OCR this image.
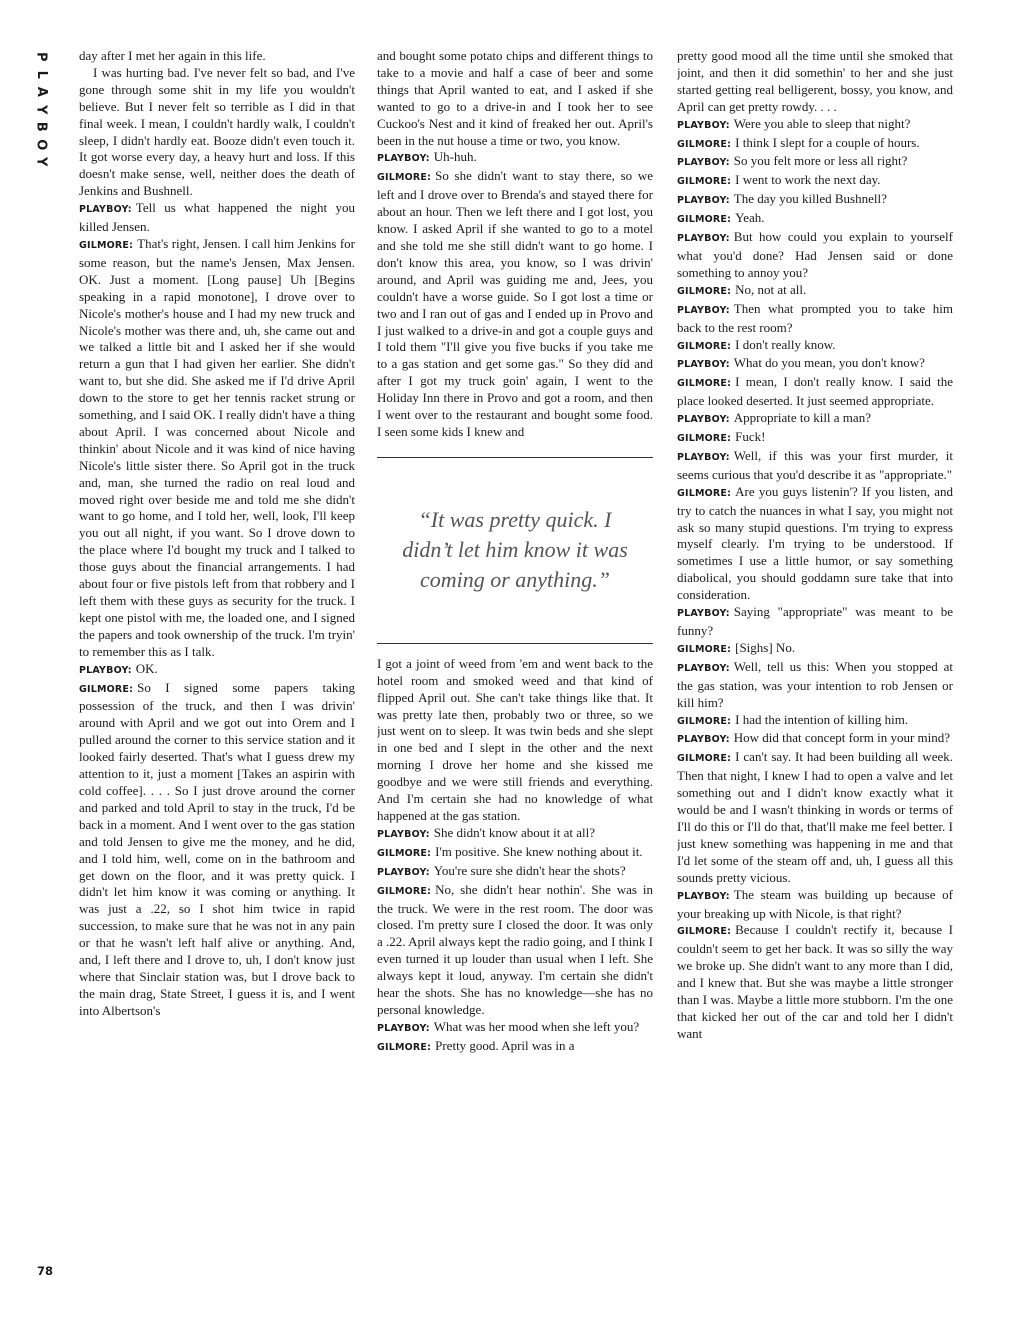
P
L
A
Y
B
O
Y
78

day after I met her again in this life.

I was hurting bad. I've never felt so bad, and I've gone through some shit in my life you wouldn't believe. But I never felt so terrible as I did in that final week. I mean, I couldn't hardly walk, I couldn't sleep, I didn't hardly eat. Booze didn't even touch it. It got worse every day, a heavy hurt and loss. If this doesn't make sense, well, neither does the death of Jenkins and Bushnell.

PLAYBOY: Tell us what happened the night you killed Jensen.

GILMORE: That's right, Jensen. I call him Jenkins for some reason, but the name's Jensen, Max Jensen. OK. Just a moment. [Long pause] Uh [Begins speaking in a rapid monotone], I drove over to Nicole's mother's house and I had my new truck and Nicole's mother was there and, uh, she came out and we talked a little bit and I asked her if she would return a gun that I had given her earlier. She didn't want to, but she did. She asked me if I'd drive April down to the store to get her tennis racket strung or something, and I said OK. I really didn't have a thing about April. I was concerned about Nicole and thinkin' about Nicole and it was kind of nice having Nicole's little sister there. So April got in the truck and, man, she turned the radio on real loud and moved right over beside me and told me she didn't want to go home, and I told her, well, look, I'll keep you out all night, if you want. So I drove down to the place where I'd bought my truck and I talked to those guys about the financial arrangements. I had about four or five pistols left from that robbery and I left them with these guys as security for the truck. I kept one pistol with me, the loaded one, and I signed the papers and took ownership of the truck. I'm tryin' to remember this as I talk.

PLAYBOY: OK.

GILMORE: So I signed some papers taking possession of the truck, and then I was drivin' around with April and we got out into Orem and I pulled around the corner to this service station and it looked fairly deserted. That's what I guess drew my attention to it, just a moment [Takes an aspirin with cold coffee]. . . . So I just drove around the corner and parked and told April to stay in the truck, I'd be back in a moment. And I went over to the gas station and told Jensen to give me the money, and he did, and I told him, well, come on in the bathroom and get down on the floor, and it was pretty quick. I didn't let him know it was coming or anything. It was just a .22, so I shot him twice in rapid succession, to make sure that he was not in any pain or that he wasn't left half alive or anything. And, and, I left there and I drove to, uh, I don't know just where that Sinclair station was, but I drove back to the main drag, State Street, I guess it is, and I went into Albertson's

and bought some potato chips and different things to take to a movie and half a case of beer and some things that April wanted to eat, and I asked if she wanted to go to a drive-in and I took her to see Cuckoo's Nest and it kind of freaked her out. April's been in the nut house a time or two, you know.

PLAYBOY: Uh-huh.

GILMORE: So she didn't want to stay there, so we left and I drove over to Brenda's and stayed there for about an hour. Then we left there and I got lost, you know. I asked April if she wanted to go to a motel and she told me she still didn't want to go home. I don't know this area, you know, so I was drivin' around, and April was guiding me and, Jees, you couldn't have a worse guide. So I got lost a time or two and I ran out of gas and I ended up in Provo and I just walked to a drive-in and got a couple guys and I told them "I'll give you five bucks if you take me to a gas station and get some gas." So they did and after I got my truck goin' again, I went to the Holiday Inn there in Provo and got a room, and then I went over to the restaurant and bought some food. I seen some kids I knew and

“It was pretty quick. I didn’t let him know it was coming or anything.”

I got a joint of weed from 'em and went back to the hotel room and smoked weed and that kind of flipped April out. She can't take things like that. It was pretty late then, probably two or three, so we just went on to sleep. It was twin beds and she slept in one bed and I slept in the other and the next morning I drove her home and she kissed me goodbye and we were still friends and everything. And I'm certain she had no knowledge of what happened at the gas station.

PLAYBOY: She didn't know about it at all?

GILMORE: I'm positive. She knew nothing about it.

PLAYBOY: You're sure she didn't hear the shots?

GILMORE: No, she didn't hear nothin'. She was in the truck. We were in the rest room. The door was closed. I'm pretty sure I closed the door. It was only a .22. April always kept the radio going, and I think I even turned it up louder than usual when I left. She always kept it loud, anyway. I'm certain she didn't hear the shots. She has no knowledge—she has no personal knowledge.

PLAYBOY: What was her mood when she left you?

GILMORE: Pretty good. April was in a

pretty good mood all the time until she smoked that joint, and then it did somethin' to her and she just started getting real belligerent, bossy, you know, and April can get pretty rowdy. . . .

PLAYBOY: Were you able to sleep that night?

GILMORE: I think I slept for a couple of hours.

PLAYBOY: So you felt more or less all right?

GILMORE: I went to work the next day.

PLAYBOY: The day you killed Bushnell?

GILMORE: Yeah.

PLAYBOY: But how could you explain to yourself what you'd done? Had Jensen said or done something to annoy you?

GILMORE: No, not at all.

PLAYBOY: Then what prompted you to take him back to the rest room?

GILMORE: I don't really know.

PLAYBOY: What do you mean, you don't know?

GILMORE: I mean, I don't really know. I said the place looked deserted. It just seemed appropriate.

PLAYBOY: Appropriate to kill a man?

GILMORE: Fuck!

PLAYBOY: Well, if this was your first murder, it seems curious that you'd describe it as "appropriate."

GILMORE: Are you guys listenin'? If you listen, and try to catch the nuances in what I say, you might not ask so many stupid questions. I'm trying to express myself clearly. I'm trying to be understood. If sometimes I use a little humor, or say something diabolical, you should goddamn sure take that into consideration.

PLAYBOY: Saying "appropriate" was meant to be funny?

GILMORE: [Sighs] No.

PLAYBOY: Well, tell us this: When you stopped at the gas station, was your intention to rob Jensen or kill him?

GILMORE: I had the intention of killing him.

PLAYBOY: How did that concept form in your mind?

GILMORE: I can't say. It had been building all week. Then that night, I knew I had to open a valve and let something out and I didn't know exactly what it would be and I wasn't thinking in words or terms of I'll do this or I'll do that, that'll make me feel better. I just knew something was happening in me and that I'd let some of the steam off and, uh, I guess all this sounds pretty vicious.

PLAYBOY: The steam was building up because of your breaking up with Nicole, is that right?

GILMORE: Because I couldn't rectify it, because I couldn't seem to get her back. It was so silly the way we broke up. She didn't want to any more than I did, and I knew that. But she was maybe a little stronger than I was. Maybe a little more stubborn. I'm the one that kicked her out of the car and told her I didn't want
